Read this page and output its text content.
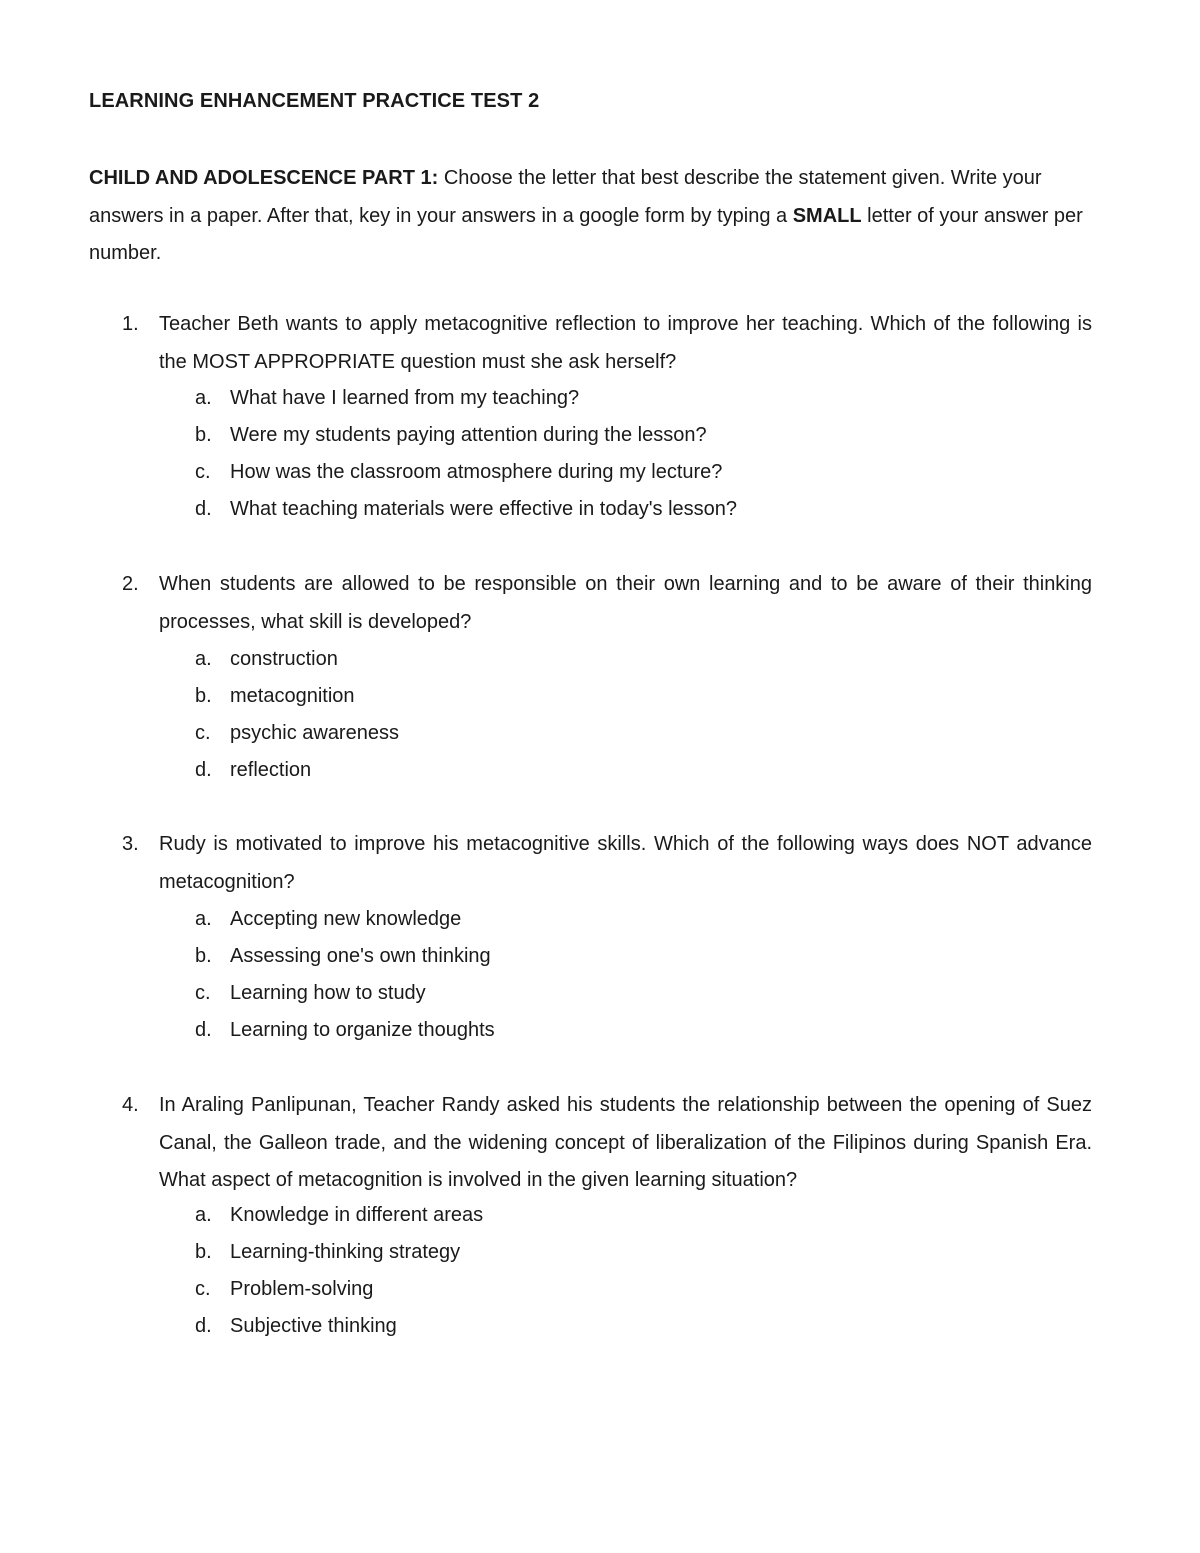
LEARNING ENHANCEMENT PRACTICE TEST 2
CHILD AND ADOLESCENCE PART 1: Choose the letter that best describe the statement given. Write your answers in a paper. After that, key in your answers in a google form by typing a SMALL letter of your answer per number.
1.	Teacher Beth wants to apply metacognitive reflection to improve her teaching. Which of the following is the MOST APPROPRIATE question must she ask herself?
a. What have I learned from my teaching?
b. Were my students paying attention during the lesson?
c. How was the classroom atmosphere during my lecture?
d. What teaching materials were effective in today's lesson?
2.	When students are allowed to be responsible on their own learning and to be aware of their thinking processes, what skill is developed?
a. construction
b. metacognition
c. psychic awareness
d. reflection
3.	Rudy is motivated to improve his metacognitive skills. Which of the following ways does NOT advance metacognition?
a. Accepting new knowledge
b. Assessing one's own thinking
c. Learning how to study
d. Learning to organize thoughts
4.	In Araling Panlipunan, Teacher Randy asked his students the relationship between the opening of Suez Canal, the Galleon trade, and the widening concept of liberalization of the Filipinos during Spanish Era. What aspect of metacognition is involved in the given learning situation?
a. Knowledge in different areas
b. Learning-thinking strategy
c. Problem-solving
d. Subjective thinking
